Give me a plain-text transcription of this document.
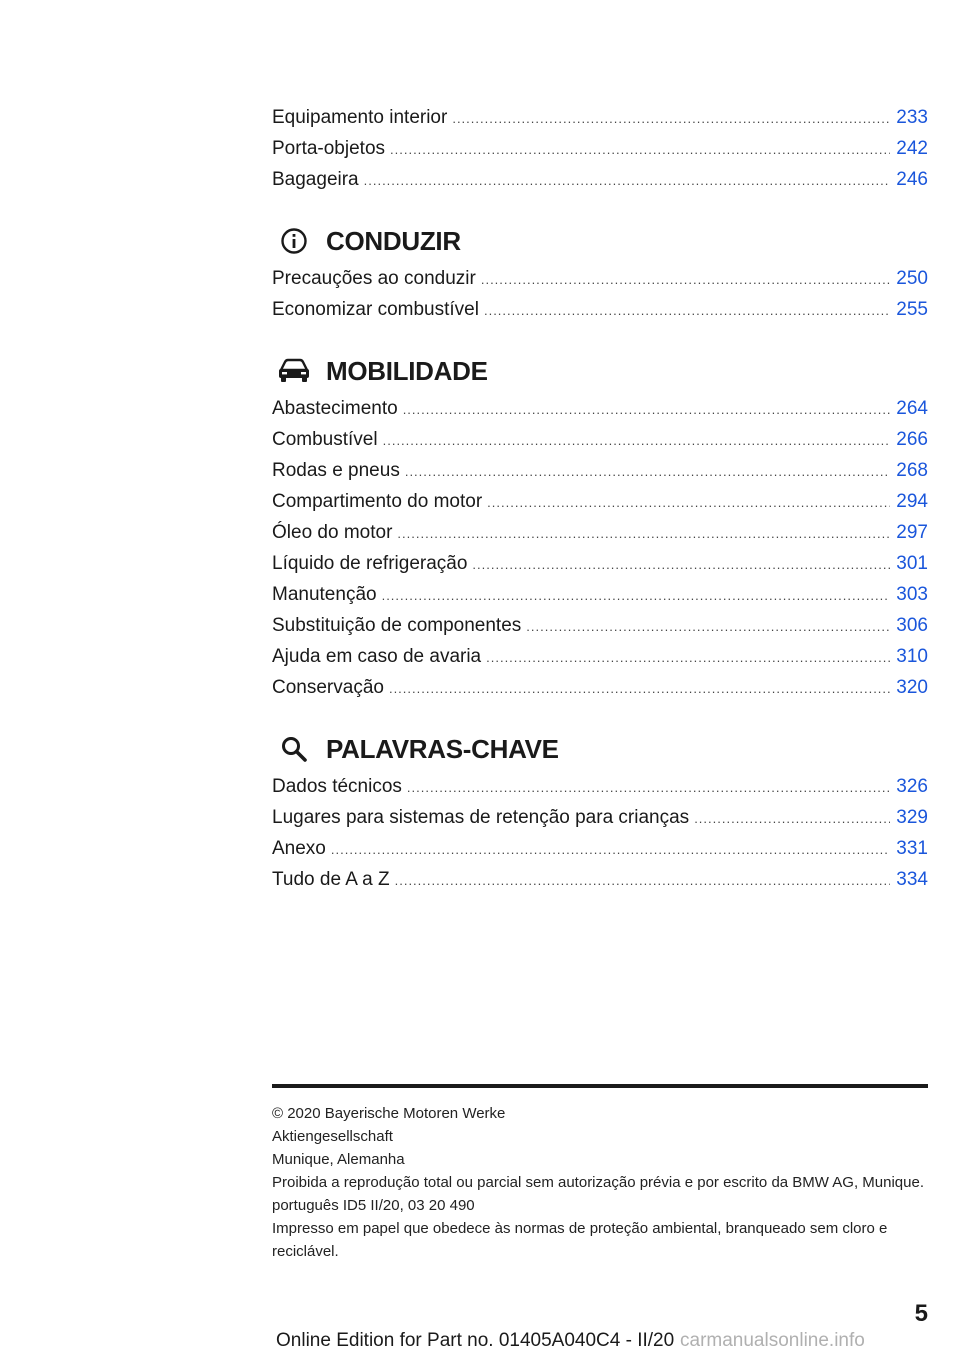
Equipamento interior .....	233
Porta-objetos .....	242
Bagageira .....	246
CONDUZIR
Precauções ao conduzir .....	250
Economizar combustível .....	255
MOBILIDADE
Abastecimento .....	264
Combustível .....	266
Rodas e pneus .....	268
Compartimento do motor .....	294
Óleo do motor .....	297
Líquido de refrigeração .....	301
Manutenção .....	303
Substituição de componentes .....	306
Ajuda em caso de avaria .....	310
Conservação .....	320
PALAVRAS-CHAVE
Dados técnicos .....	326
Lugares para sistemas de retenção para crianças .....	329
Anexo .....	331
Tudo de A a Z .....	334
© 2020 Bayerische Motoren Werke
Aktiengesellschaft
Munique, Alemanha
Proibida a reprodução total ou parcial sem autorização prévia e por escrito da BMW AG, Munique.
português ID5 II/20, 03 20 490
Impresso em papel que obedece às normas de proteção ambiental, branqueado sem cloro e reciclável.
5
Online Edition for Part no. 01405A040C4 - II/20 carmanualsonline.info
